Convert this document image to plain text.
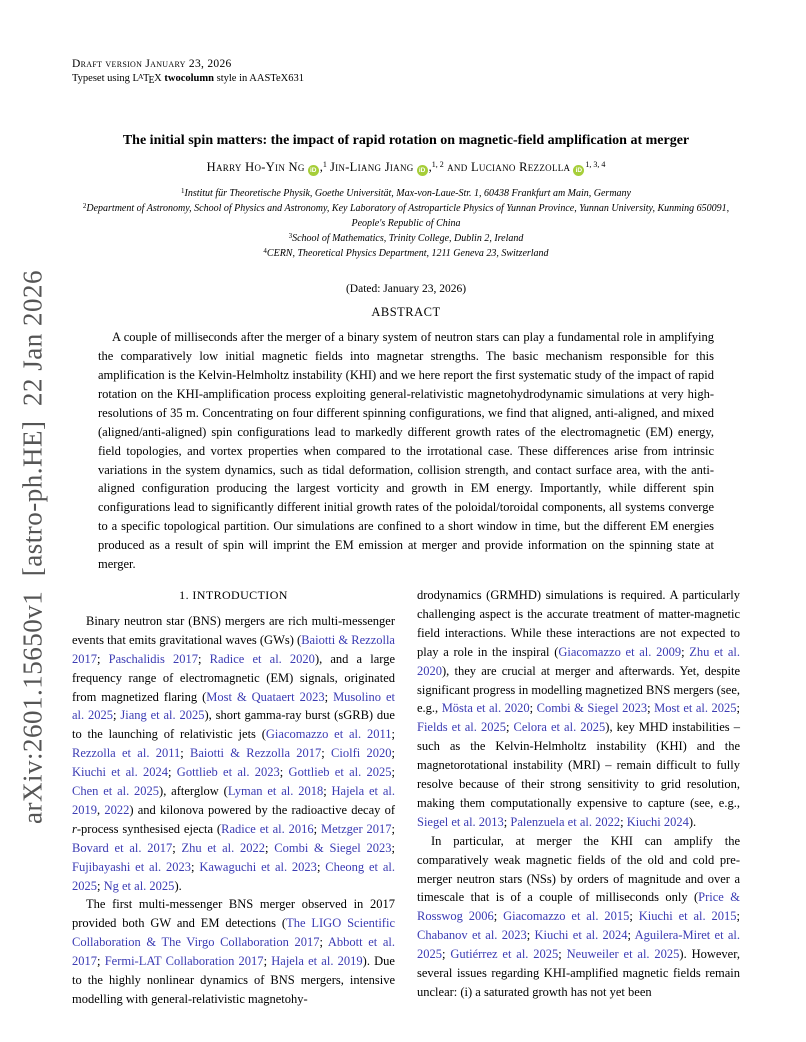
arXiv:2601.15650v1  [astro-ph.HE]  22 Jan 2026
Draft version January 23, 2026
Typeset using $L^ATEX$ twocolumn style in AASTeX631
The initial spin matters: the impact of rapid rotation on magnetic-field amplification at merger
Harry Ho-Yin Ng iD ,$^1$ Jin-Liang Jiang iD ,$^{1, 2}$ and Luciano Rezzolla iD$^{1, 3, 4}$
$^1$Institut für Theoretische Physik, Goethe Universität, Max-von-Laue-Str. 1, 60438 Frankfurt am Main, Germany
$^2$Department of Astronomy, School of Physics and Astronomy, Key Laboratory of Astroparticle Physics of Yunnan Province, Yunnan University, Kunming 650091, People's Republic of China
$^3$School of Mathematics, Trinity College, Dublin 2, Ireland
$^4$CERN, Theoretical Physics Department, 1211 Geneva 23, Switzerland
(Dated: January 23, 2026)
ABSTRACT
A couple of milliseconds after the merger of a binary system of neutron stars can play a fundamental role in amplifying the comparatively low initial magnetic fields into magnetar strengths. The basic mechanism responsible for this amplification is the Kelvin-Helmholtz instability (KHI) and we here report the first systematic study of the impact of rapid rotation on the KHI-amplification process exploiting general-relativistic magnetohydrodynamic simulations at very high-resolutions of 35 m. Concentrating on four different spinning configurations, we find that aligned, anti-aligned, and mixed (aligned/anti-aligned) spin configurations lead to markedly different growth rates of the electromagnetic (EM) energy, field topologies, and vortex properties when compared to the irrotational case. These differences arise from intrinsic variations in the system dynamics, such as tidal deformation, collision strength, and contact surface area, with the anti-aligned configuration producing the largest vorticity and growth in EM energy. Importantly, while different spin configurations lead to significantly different initial growth rates of the poloidal/toroidal components, all systems converge to a specific topological partition. Our simulations are confined to a short window in time, but the different EM energies produced as a result of spin will imprint the EM emission at merger and provide information on the spinning state at merger.
1. INTRODUCTION

Binary neutron star (BNS) mergers are rich multi-messenger events that emits gravitational waves (GWs) (Baiotti & Rezzolla 2017; Paschalidis 2017; Radice et al. 2020), and a large frequency range of electromagnetic (EM) signals, originated from magnetized flaring (Most & Quataert 2023; Musolino et al. 2025; Jiang et al. 2025), short gamma-ray burst (sGRB) due to the launching of relativistic jets (Giacomazzo et al. 2011; Rezzolla et al. 2011; Baiotti & Rezzolla 2017; Ciolfi 2020; Kiuchi et al. 2024; Gottlieb et al. 2023; Gottlieb et al. 2025; Chen et al. 2025), afterglow (Lyman et al. 2018; Hajela et al. 2019, 2022) and kilonova powered by the radioactive decay of r-process synthesised ejecta (Radice et al. 2016; Metzger 2017; Bovard et al. 2017; Zhu et al. 2022; Combi & Siegel 2023; Fujibayashi et al. 2023; Kawaguchi et al. 2023; Cheong et al. 2025; Ng et al. 2025).

The first multi-messenger BNS merger observed in 2017 provided both GW and EM detections (The LIGO Scientific Collaboration & The Virgo Collaboration 2017; Abbott et al. 2017; Fermi-LAT Collaboration 2017; Hajela et al. 2019). Due to the highly nonlinear dynamics of BNS mergers, intensive modelling with general-relativistic magnetohy-

drodynamics (GRMHD) simulations is required. A particularly challenging aspect is the accurate treatment of matter-magnetic field interactions. While these interactions are not expected to play a role in the inspiral (Giacomazzo et al. 2009; Zhu et al. 2020), they are crucial at merger and afterwards. Yet, despite significant progress in modelling magnetized BNS mergers (see, e.g., Mösta et al. 2020; Combi & Siegel 2023; Most et al. 2025; Fields et al. 2025; Celora et al. 2025), key MHD instabilities – such as the Kelvin-Helmholtz instability (KHI) and the magnetorotational instability (MRI) – remain difficult to fully resolve because of their strong sensitivity to grid resolution, making them computationally expensive to capture (see, e.g., Siegel et al. 2013; Palenzuela et al. 2022; Kiuchi 2024).

In particular, at merger the KHI can amplify the comparatively weak magnetic fields of the old and cold pre-merger neutron stars (NSs) by orders of magnitude and over a timescale that is of a couple of milliseconds only (Price & Rosswog 2006; Giacomazzo et al. 2015; Kiuchi et al. 2015; Chabanov et al. 2023; Kiuchi et al. 2024; Aguilera-Miret et al. 2025; Gutiérrez et al. 2025; Neuweiler et al. 2025). However, several issues regarding KHI-amplified magnetic fields remain unclear: (i) a saturated growth has not yet been
